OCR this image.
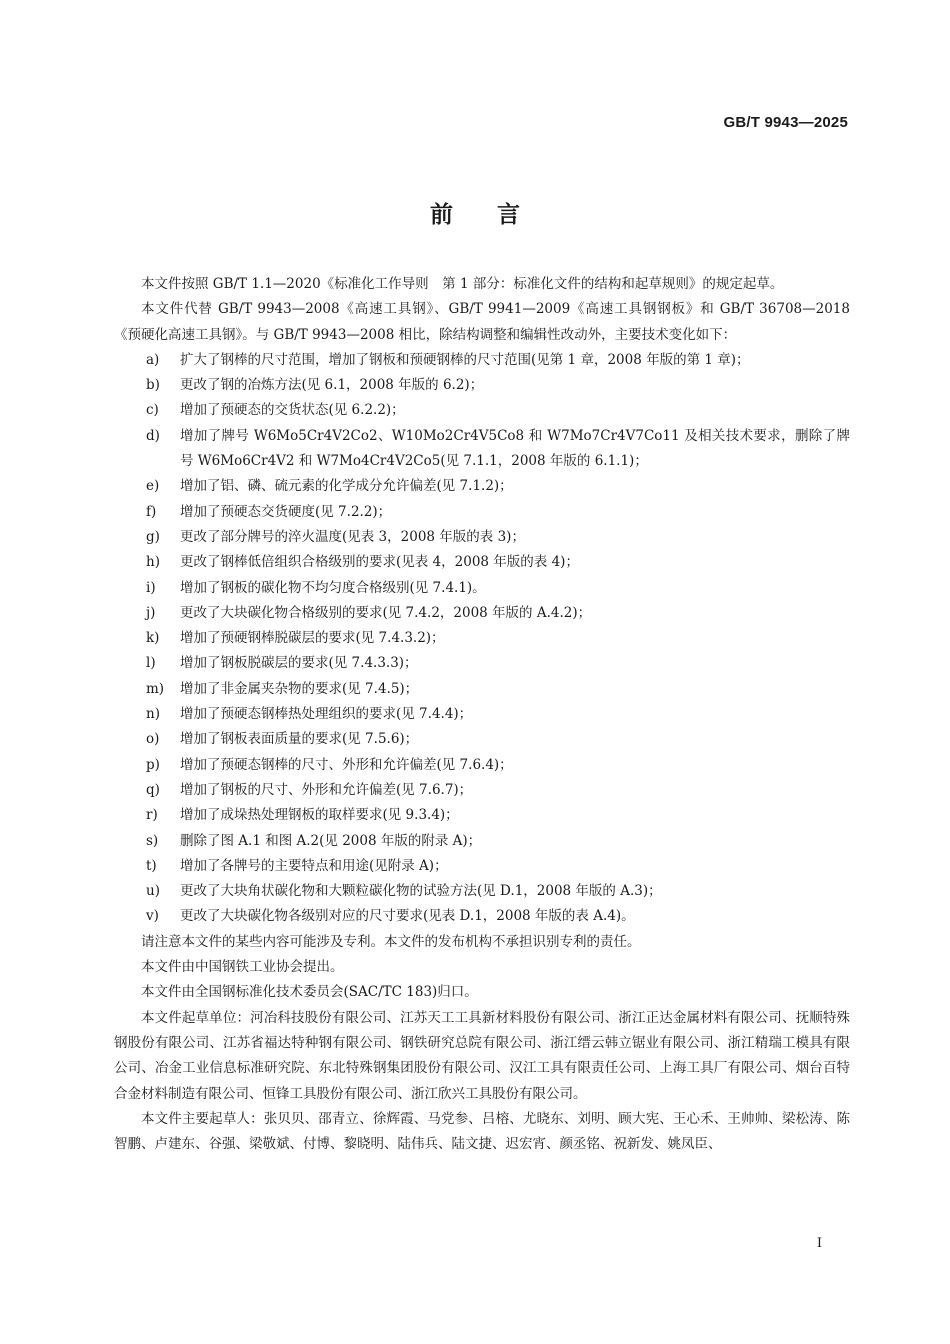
GB/T 9943—2025
前 言

本文件按照 GB/T 1.1—2020《标准化工作导则　第 1 部分：标准化文件的结构和起草规则》的规定起草。

本文件代替 GB/T 9943—2008《高速工具钢》、GB/T 9941—2009《高速工具钢钢板》和 GB/T 36708—2018《预硬化高速工具钢》。与 GB/T 9943—2008 相比，除结构调整和编辑性改动外，主要技术变化如下：

a)	扩大了钢棒的尺寸范围，增加了钢板和预硬钢棒的尺寸范围(见第 1 章，2008 年版的第 1 章)；
b)	更改了钢的冶炼方法(见 6.1，2008 年版的 6.2)；
c)	增加了预硬态的交货状态(见 6.2.2)；
d)	增加了牌号 W6Mo5Cr4V2Co2、W10Mo2Cr4V5Co8 和 W7Mo7Cr4V7Co11 及相关技术要求，删除了牌号 W6Mo6Cr4V2 和 W7Mo4Cr4V2Co5(见 7.1.1，2008 年版的 6.1.1)；
e)	增加了铝、磷、硫元素的化学成分允许偏差(见 7.1.2)；
f)	增加了预硬态交货硬度(见 7.2.2)；
g)	更改了部分牌号的淬火温度(见表 3，2008 年版的表 3)；
h)	更改了钢棒低倍组织合格级别的要求(见表 4，2008 年版的表 4)；
i)	增加了钢板的碳化物不均匀度合格级别(见 7.4.1)。
j)	更改了大块碳化物合格级别的要求(见 7.4.2，2008 年版的 A.4.2)；
k)	增加了预硬钢棒脱碳层的要求(见 7.4.3.2)；
l)	增加了钢板脱碳层的要求(见 7.4.3.3)；
m)	增加了非金属夹杂物的要求(见 7.4.5)；
n)	增加了预硬态钢棒热处理组织的要求(见 7.4.4)；
o)	增加了钢板表面质量的要求(见 7.5.6)；
p)	增加了预硬态钢棒的尺寸、外形和允许偏差(见 7.6.4)；
q)	增加了钢板的尺寸、外形和允许偏差(见 7.6.7)；
r)	增加了成垛热处理钢板的取样要求(见 9.3.4)；
s)	删除了图 A.1 和图 A.2(见 2008 年版的附录 A)；
t)	增加了各牌号的主要特点和用途(见附录 A)；
u)	更改了大块角状碳化物和大颗粒碳化物的试验方法(见 D.1，2008 年版的 A.3)；
v)	更改了大块碳化物各级别对应的尺寸要求(见表 D.1，2008 年版的表 A.4)。

请注意本文件的某些内容可能涉及专利。本文件的发布机构不承担识别专利的责任。

本文件由中国钢铁工业协会提出。

本文件由全国钢标准化技术委员会(SAC/TC 183)归口。

本文件起草单位：河冶科技股份有限公司、江苏天工工具新材料股份有限公司、浙江正达金属材料有限公司、抚顺特殊钢股份有限公司、江苏省福达特种钢有限公司、钢铁研究总院有限公司、浙江缙云韩立锯业有限公司、浙江精瑞工模具有限公司、冶金工业信息标准研究院、东北特殊钢集团股份有限公司、汉江工具有限责任公司、上海工具厂有限公司、烟台百特合金材料制造有限公司、恒锋工具股份有限公司、浙江欣兴工具股份有限公司。

本文件主要起草人：张贝贝、邵青立、徐辉霞、马党参、吕榕、尤晓东、刘明、顾大宪、王心禾、王帅帅、梁松涛、陈智鹏、卢建东、谷强、梁敬斌、付博、黎晓明、陆伟兵、陆文捷、迟宏宵、颜丞铭、祝新发、姚凤臣、

Ⅰ
